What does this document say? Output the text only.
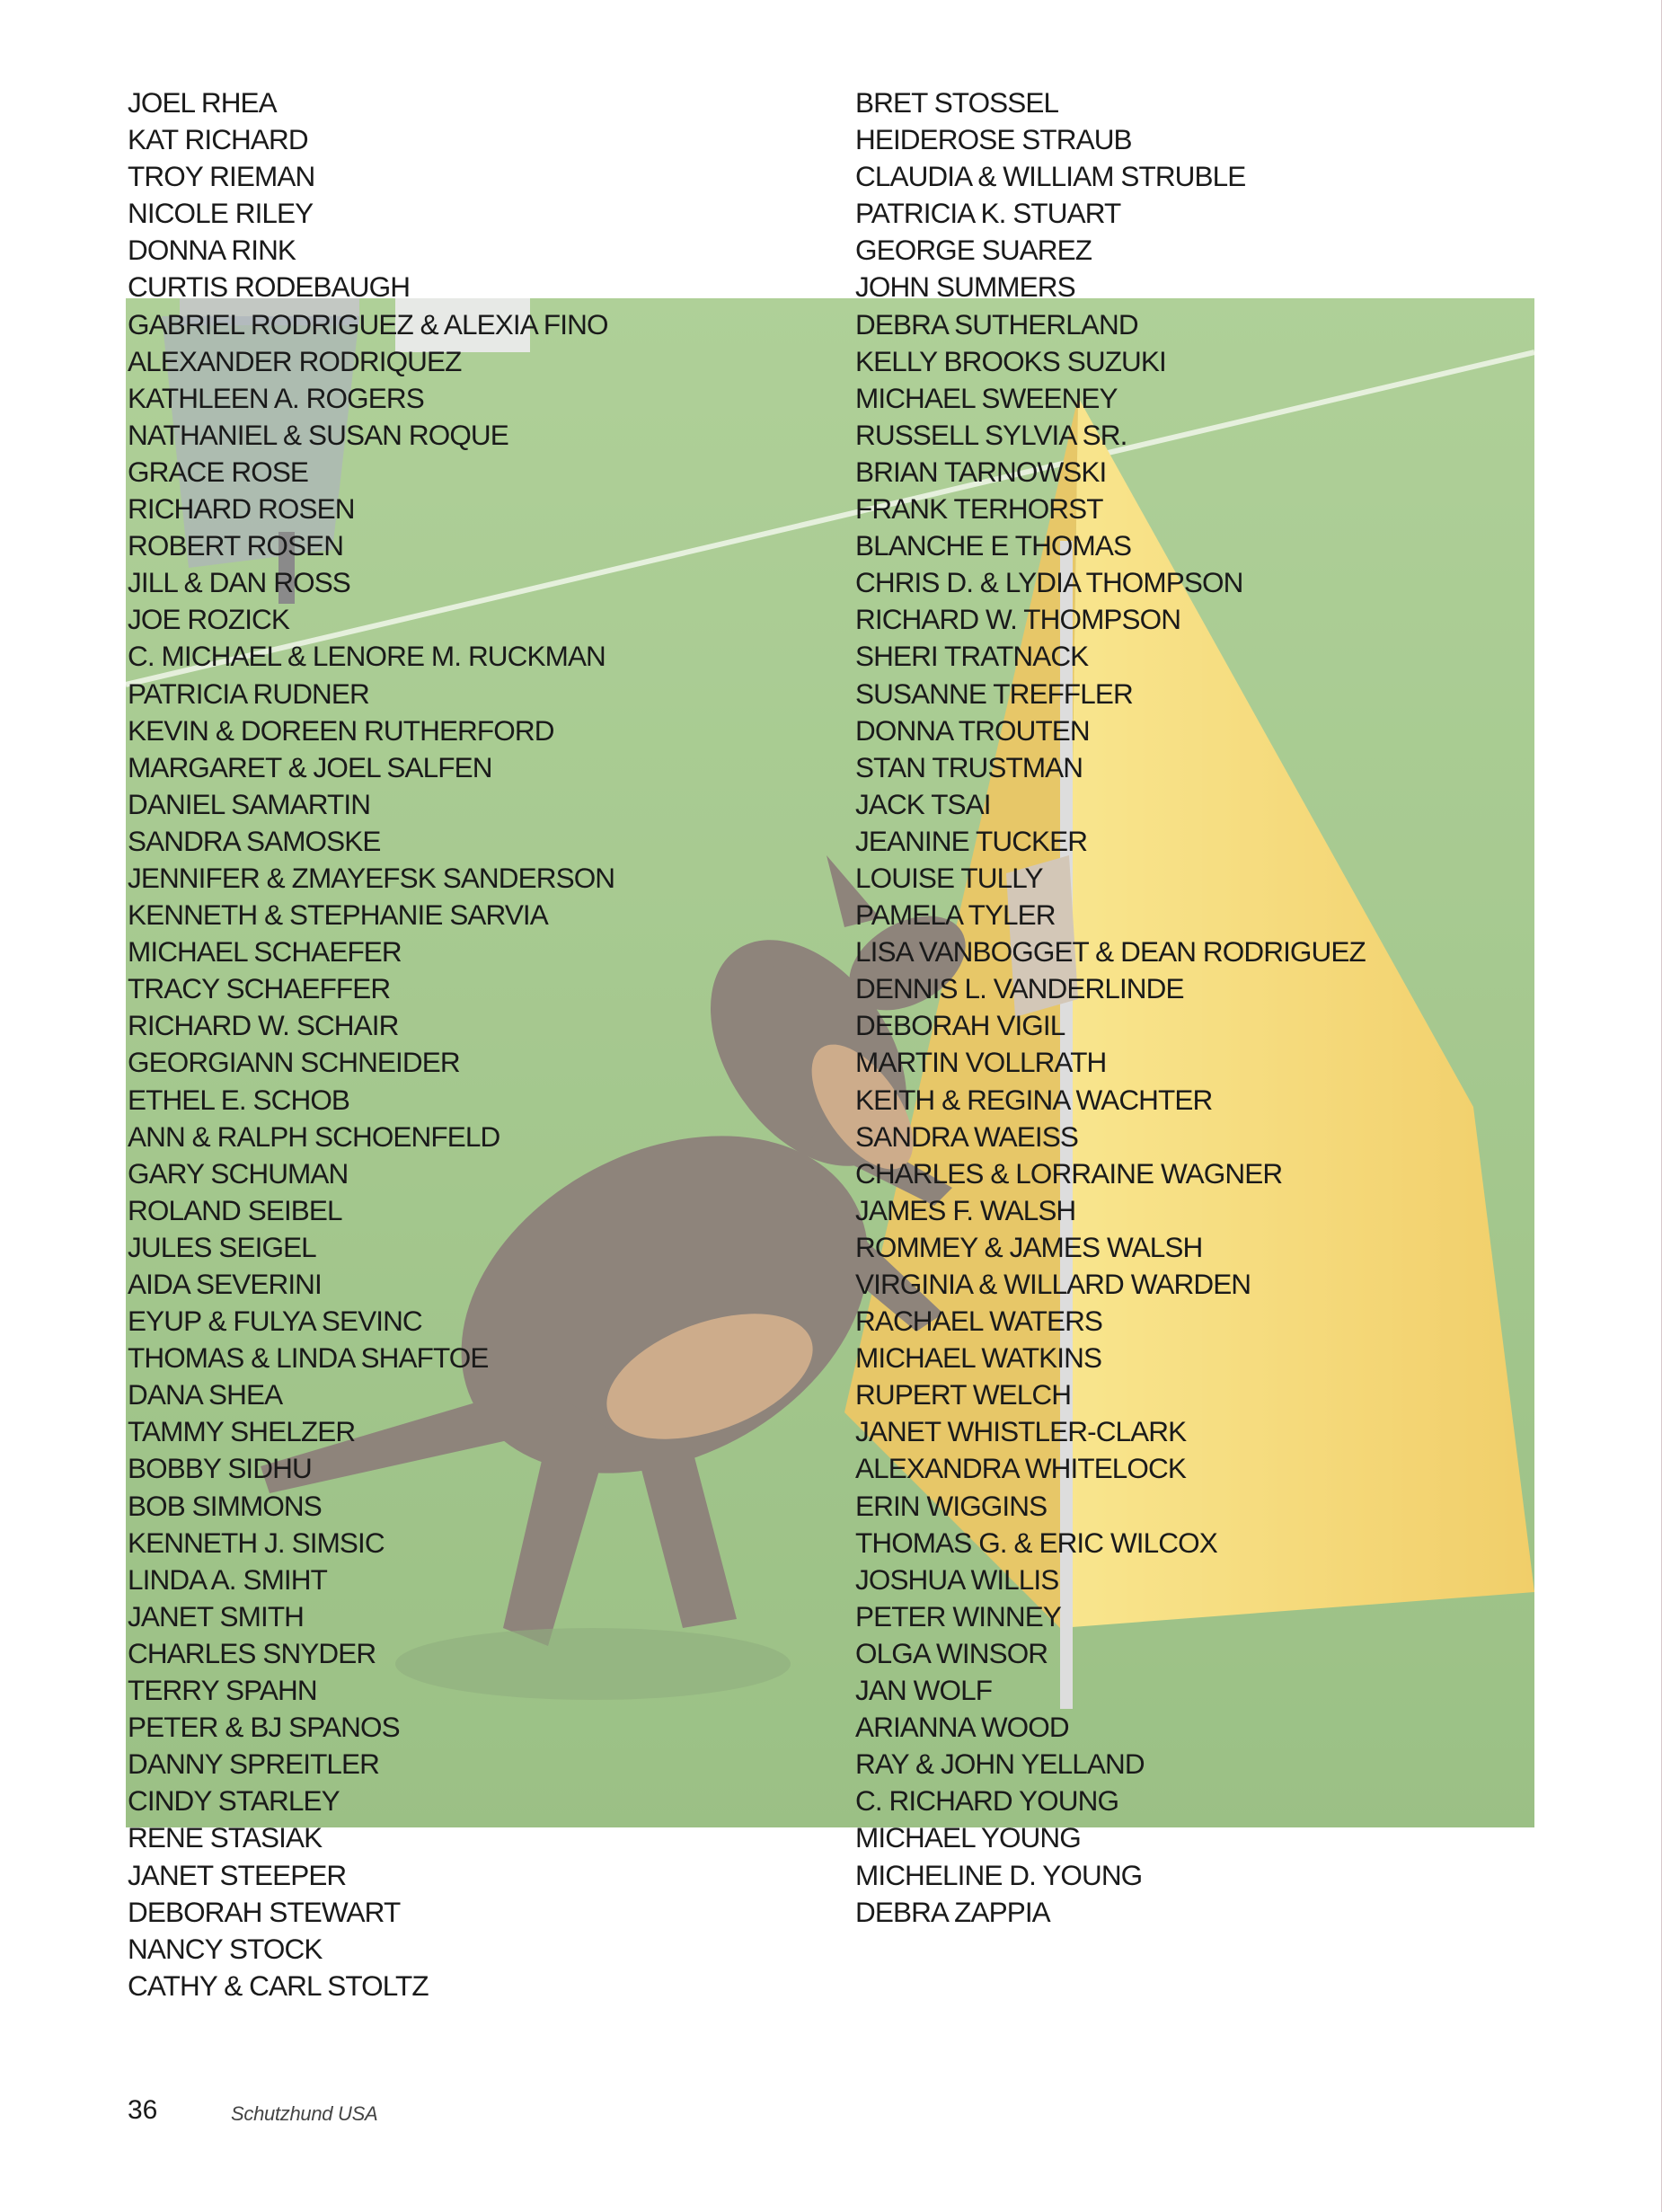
JOEL RHEA
KAT RICHARD
TROY RIEMAN
NICOLE RILEY
DONNA RINK
CURTIS RODEBAUGH
GABRIEL RODRIGUEZ & ALEXIA FINO
ALEXANDER RODRIQUEZ
KATHLEEN A. ROGERS
NATHANIEL & SUSAN ROQUE
GRACE ROSE
RICHARD ROSEN
ROBERT ROSEN
JILL & DAN ROSS
JOE ROZICK
C. MICHAEL & LENORE M. RUCKMAN
PATRICIA RUDNER
KEVIN & DOREEN RUTHERFORD
MARGARET & JOEL SALFEN
DANIEL SAMARTIN
SANDRA SAMOSKE
JENNIFER & ZMAYEFSK SANDERSON
KENNETH & STEPHANIE SARVIA
MICHAEL SCHAEFER
TRACY SCHAEFFER
RICHARD W. SCHAIR
GEORGIANN SCHNEIDER
ETHEL E. SCHOB
ANN & RALPH SCHOENFELD
GARY SCHUMAN
ROLAND SEIBEL
JULES SEIGEL
AIDA SEVERINI
EYUP & FULYA SEVINC
THOMAS & LINDA SHAFTOE
DANA SHEA
TAMMY SHELZER
BOBBY SIDHU
BOB SIMMONS
KENNETH J. SIMSIC
LINDA A. SMIHT
JANET SMITH
CHARLES SNYDER
TERRY SPAHN
PETER & BJ SPANOS
DANNY SPREITLER
CINDY STARLEY
RENE STASIAK
JANET STEEPER
DEBORAH STEWART
NANCY STOCK
CATHY & CARL STOLTZ
BRET STOSSEL
HEIDEROSE STRAUB
CLAUDIA & WILLIAM STRUBLE
PATRICIA K. STUART
GEORGE SUAREZ
JOHN SUMMERS
DEBRA SUTHERLAND
KELLY BROOKS SUZUKI
MICHAEL SWEENEY
RUSSELL SYLVIA SR.
BRIAN TARNOWSKI
FRANK TERHORST
BLANCHE E THOMAS
CHRIS D. & LYDIA THOMPSON
RICHARD W. THOMPSON
SHERI TRATNACK
SUSANNE TREFFLER
DONNA TROUTEN
STAN TRUSTMAN
JACK TSAI
JEANINE TUCKER
LOUISE TULLY
PAMELA TYLER
LISA VANBOGGET & DEAN RODRIGUEZ
DENNIS L. VANDERLINDE
DEBORAH VIGIL
MARTIN VOLLRATH
KEITH & REGINA WACHTER
SANDRA WAEISS
CHARLES & LORRAINE WAGNER
JAMES F. WALSH
ROMMEY & JAMES WALSH
VIRGINIA & WILLARD WARDEN
RACHAEL WATERS
MICHAEL WATKINS
RUPERT WELCH
JANET WHISTLER-CLARK
ALEXANDRA WHITELOCK
ERIN WIGGINS
THOMAS G. & ERIC WILCOX
JOSHUA WILLIS
PETER WINNEY
OLGA WINSOR
JAN WOLF
ARIANNA WOOD
RAY & JOHN YELLAND
C. RICHARD YOUNG
MICHAEL YOUNG
MICHELINE D. YOUNG
DEBRA ZAPPIA
36	Schutzhund USA
